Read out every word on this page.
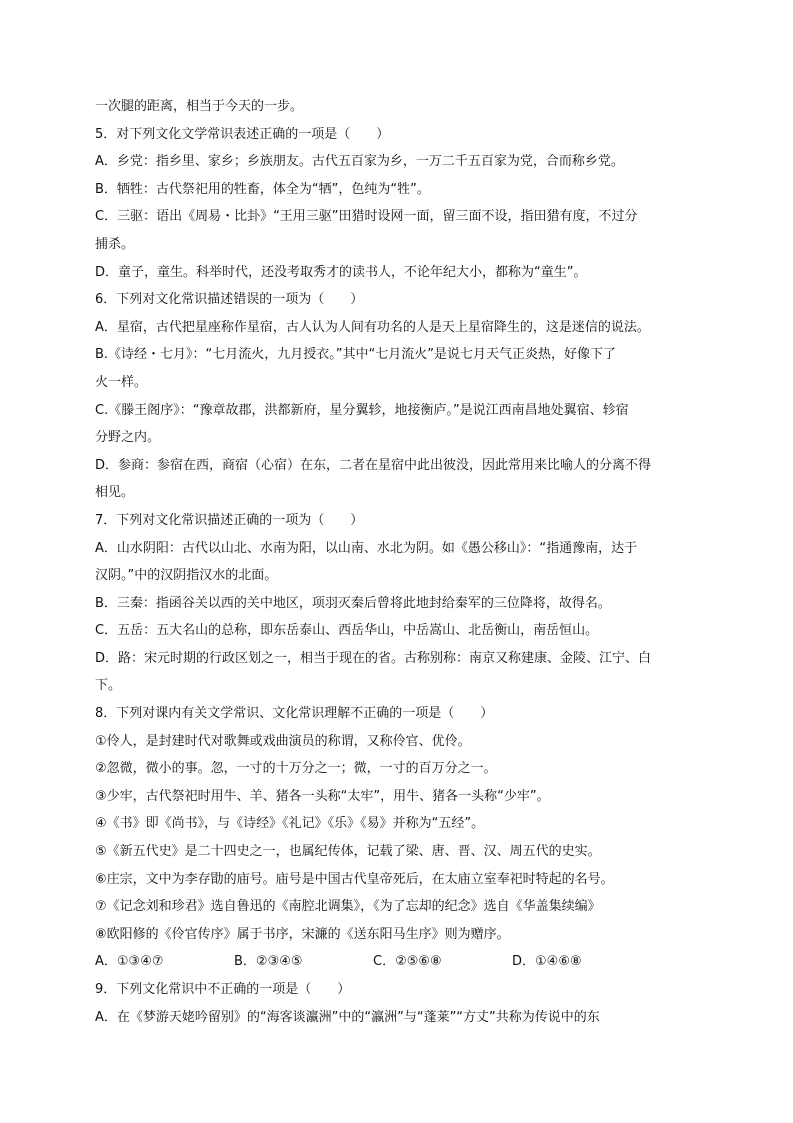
一次腿的距离，相当于今天的一步。
5．对下列文化文学常识表述正确的一项是（　　）
A．乡党：指乡里、家乡；乡族朋友。古代五百家为乡，一万二千五百家为党，合而称乡党。
B．牺牲：古代祭祀用的牲畜，体全为“牺”，色纯为“牲”。
C．三驱：语出《周易・比卦》“王用三驱”田猎时设网一面，留三面不设，指田猎有度，不过分
捕杀。
D．童子，童生。科举时代，还没考取秀才的读书人，不论年纪大小，都称为“童生”。
6．下列对文化常识描述错误的一项为（　　）
A．星宿，古代把星座称作星宿，古人认为人间有功名的人是天上星宿降生的，这是迷信的说法。
B.《诗经・七月》：“七月流火，九月授衣。”其中“七月流火”是说七月天气正炎热，好像下了
火一样。
C.《滕王阁序》：“豫章故郡，洪都新府，星分翼轸，地接衡庐。”是说江西南昌地处翼宿、轸宿
分野之内。
D．参商：参宿在西，商宿（心宿）在东，二者在星宿中此出彼没，因此常用来比喻人的分离不得
相见。
7．下列对文化常识描述正确的一项为（　　）
A．山水阴阳：古代以山北、水南为阳，以山南、水北为阴。如《愚公移山》：“指通豫南，达于
汉阴。”中的汉阴指汉水的北面。
B．三秦：指函谷关以西的关中地区，项羽灭秦后曾将此地封给秦军的三位降将，故得名。
C．五岳：五大名山的总称，即东岳泰山、西岳华山，中岳嵩山、北岳衡山，南岳恒山。
D．路：宋元时期的行政区划之一，相当于现在的省。古称别称：南京又称建康、金陵、江宁、白
下。
8．下列对课内有关文学常识、文化常识理解不正确的一项是（　　）
①伶人，是封建时代对歌舞或戏曲演员的称谓，又称伶官、优伶。
②忽微，微小的事。忽，一寸的十万分之一；微，一寸的百万分之一。
③少牢，古代祭祀时用牛、羊、猪各一头称“太牢”，用牛、猪各一头称“少牢”。
④《书》即《尚书》，与《诗经》《礼记》《乐》《易》并称为“五经”。
⑤《新五代史》是二十四史之一，也属纪传体，记载了梁、唐、晋、汉、周五代的史实。
⑥庄宗，文中为李存勖的庙号。庙号是中国古代皇帝死后，在太庙立室奉祀时特起的名号。
⑦《记念刘和珍君》选自鲁迅的《南腔北调集》，《为了忘却的纪念》选自《华盖集续编》
⑧欧阳修的《伶官传序》属于书序，宋濂的《送东阳马生序》则为赠序。
A．①③④⑦	B．②③④⑤	C．②⑤⑥⑧	D．①④⑥⑧
9．下列文化常识中不正确的一项是（　　）
A．在《梦游天姥吟留别》的“海客谈瀛洲”中的“瀛洲”与“蓬莱”“方丈”共称为传说中的东
